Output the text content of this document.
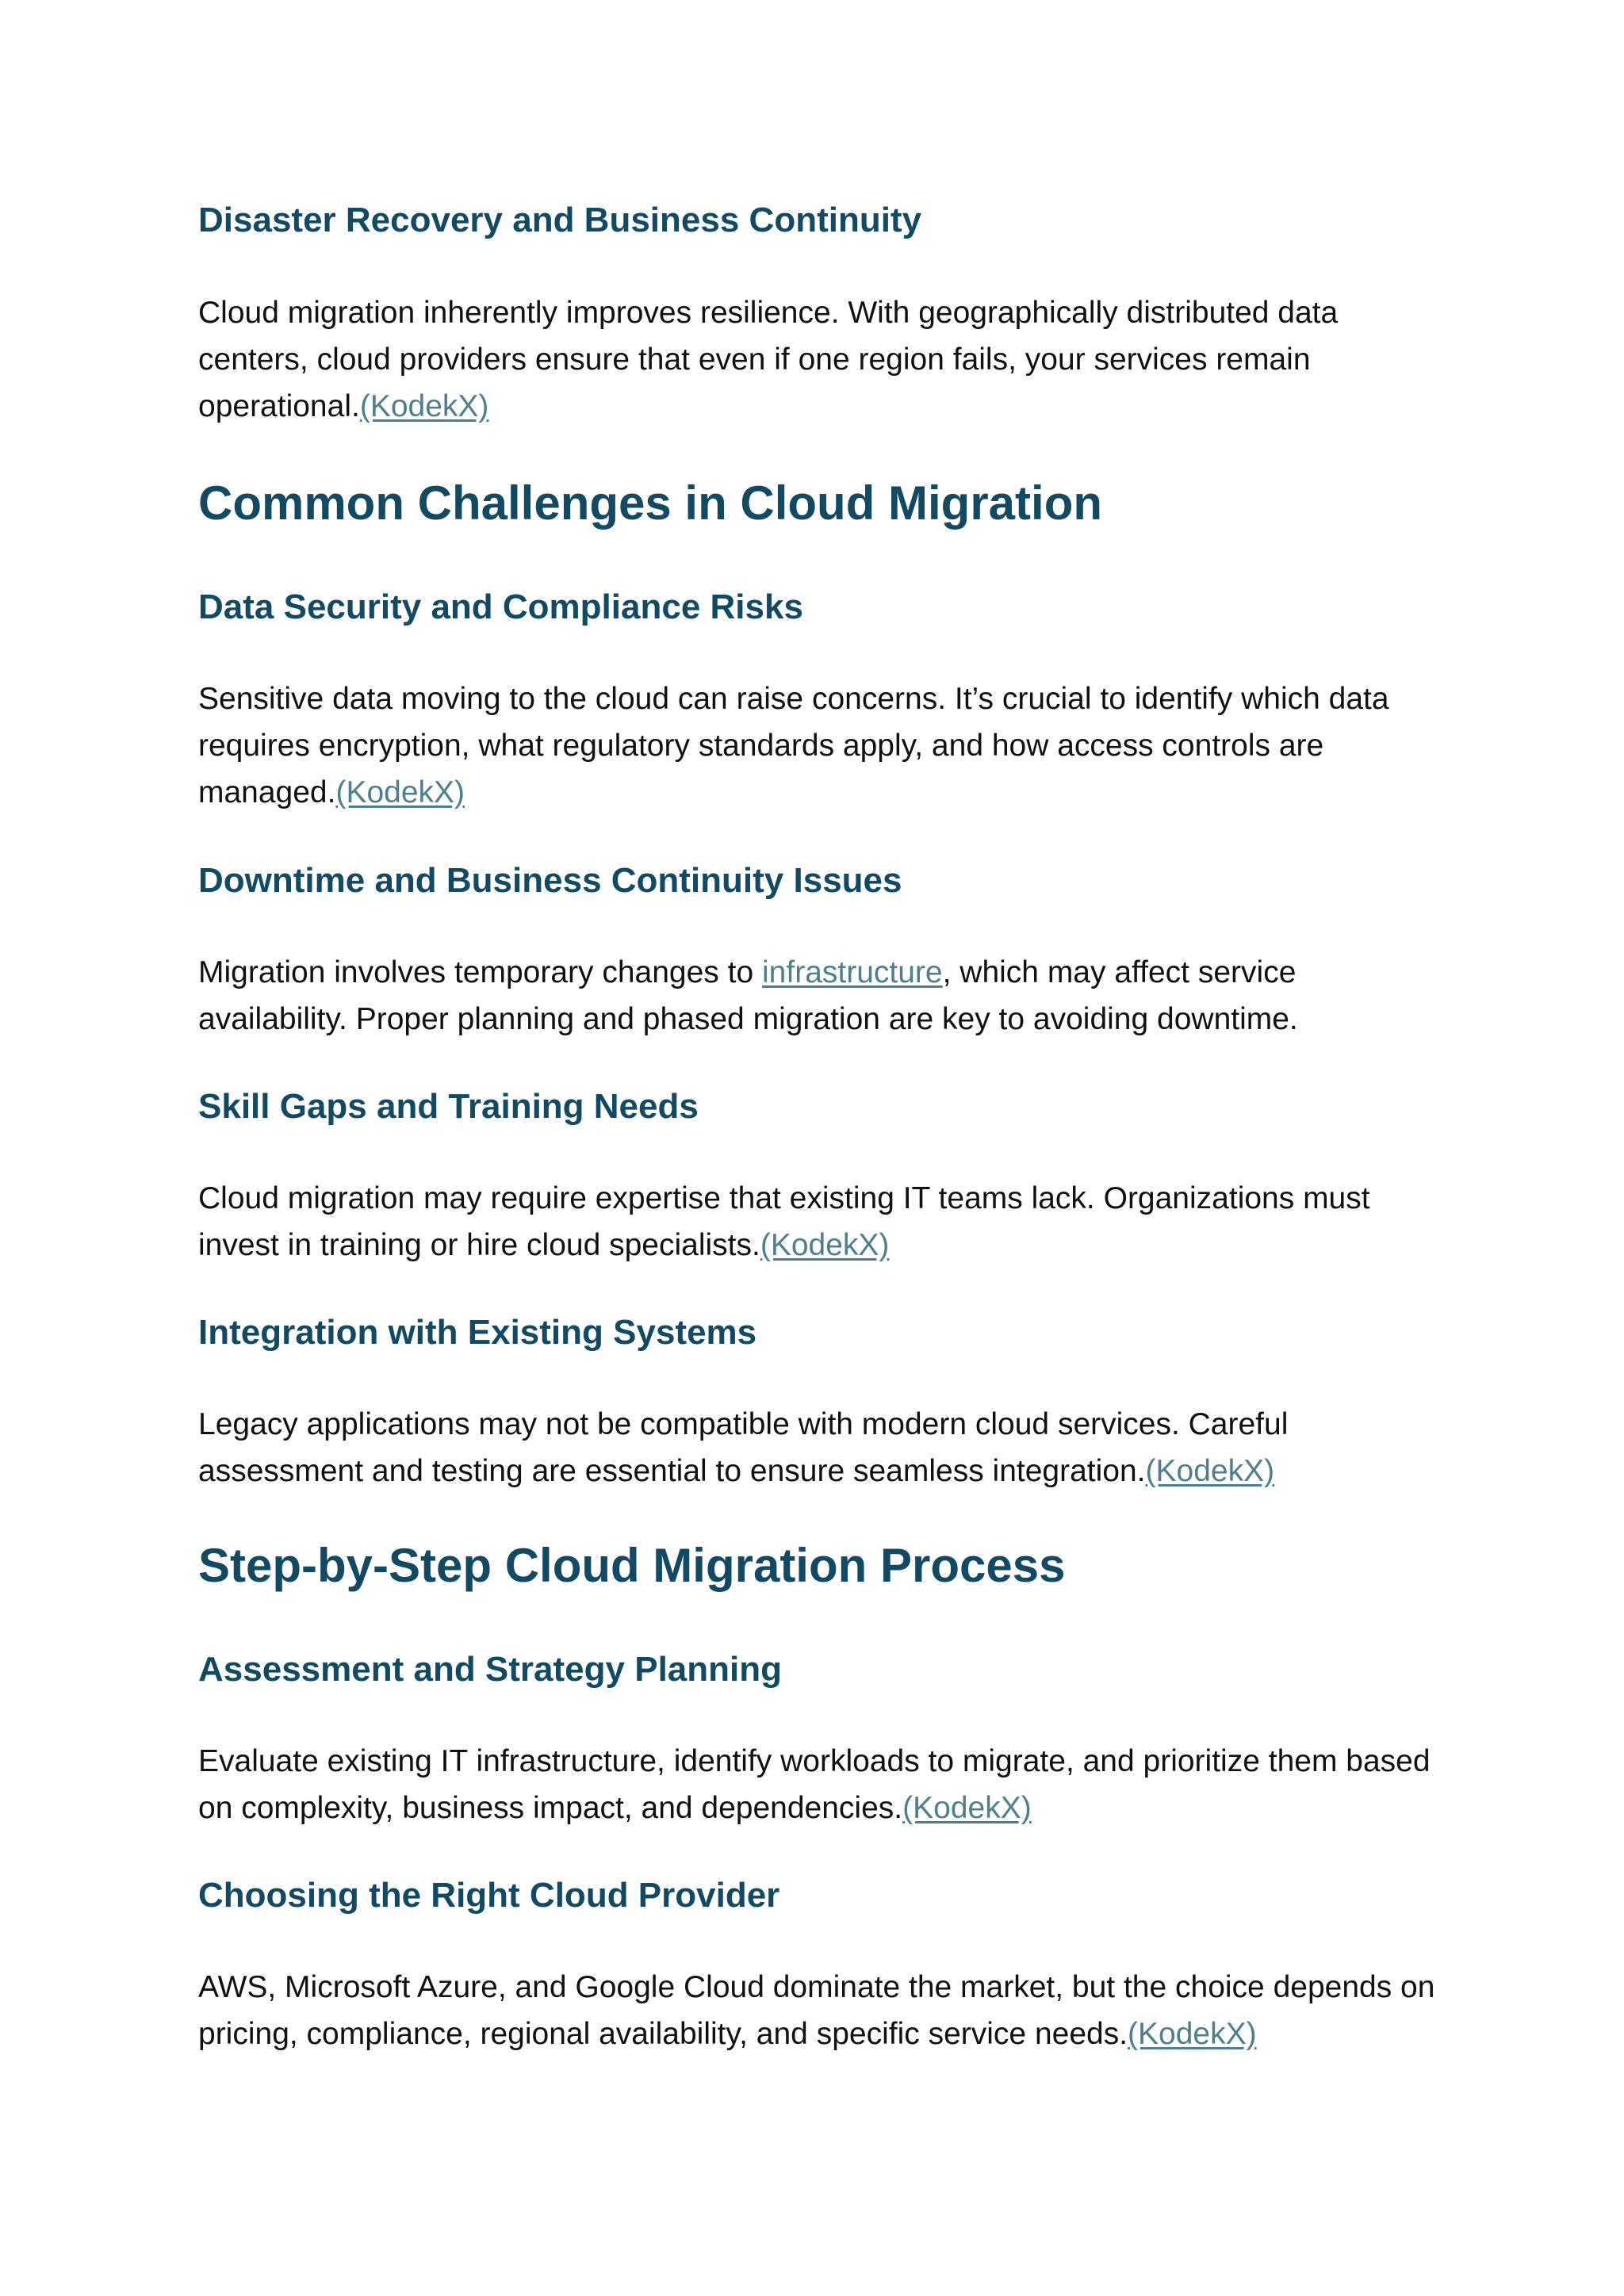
Disaster Recovery and Business Continuity

Cloud migration inherently improves resilience. With geographically distributed data centers, cloud providers ensure that even if one region fails, your services remain operational.(KodekX)

Common Challenges in Cloud Migration
Data Security and Compliance Risks

Sensitive data moving to the cloud can raise concerns. It’s crucial to identify which data requires encryption, what regulatory standards apply, and how access controls are managed.(KodekX)

Downtime and Business Continuity Issues

Migration involves temporary changes to infrastructure, which may affect service availability. Proper planning and phased migration are key to avoiding downtime.

Skill Gaps and Training Needs

Cloud migration may require expertise that existing IT teams lack. Organizations must invest in training or hire cloud specialists.(KodekX)

Integration with Existing Systems

Legacy applications may not be compatible with modern cloud services. Careful assessment and testing are essential to ensure seamless integration.(KodekX)

Step-by-Step Cloud Migration Process
Assessment and Strategy Planning

Evaluate existing IT infrastructure, identify workloads to migrate, and prioritize them based on complexity, business impact, and dependencies.(KodekX)

Choosing the Right Cloud Provider

AWS, Microsoft Azure, and Google Cloud dominate the market, but the choice depends on pricing, compliance, regional availability, and specific service needs.(KodekX)
